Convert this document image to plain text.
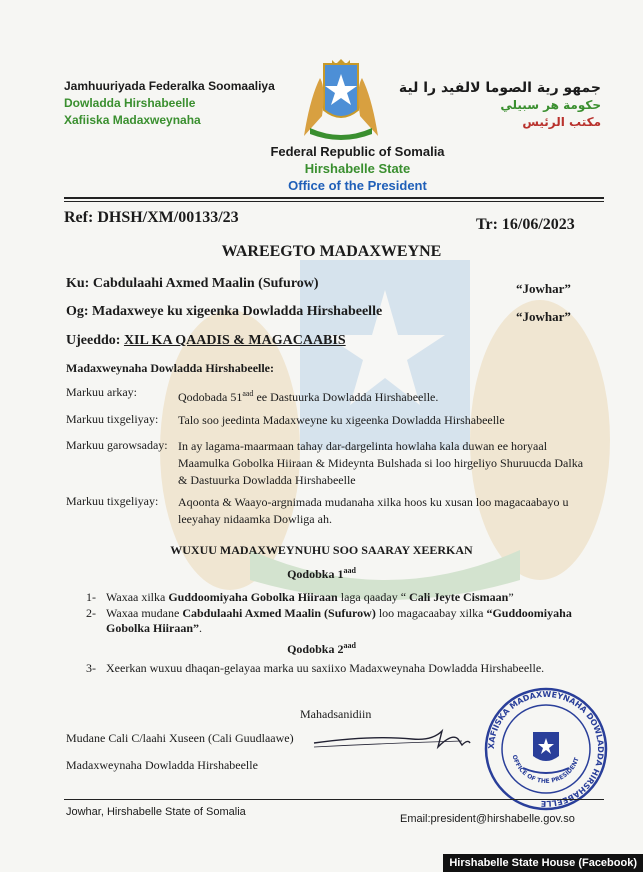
Jamhuuriyada Federalka Soomaaliya
Dowladda Hirshabeelle
Xafiiska Madaxweynaha
جمهو رية الصوما لالفيد را لية
حكومة هر سبيلي
مكتب الرئيس
Federal Republic of Somalia
Hirshabelle State
Office of the President
Ref: DHSH/XM/00133/23	Tr: 16/06/2023
WAREEGTO MADAXWEYNE
Ku: Cabdulaahi Axmed Maalin (Sufurow)	“Jowhar”
Og: Madaxweye ku xigeenka Dowladda Hirshabeelle	“Jowhar”
Ujeeddo: XIL KA QAADIS & MAGACAABIS
Madaxweynaha Dowladda Hirshabeelle:
Markuu arkay:	Qodobada $51^{aad}$ ee Dastuurka Dowladda Hirshabeelle.
Markuu tixgeliyay: Talo soo jeedinta Madaxweyne ku xigeenka Dowladda Hirshabeelle
Markuu garowsaday: In ay lagama-maarmaan tahay dar-dargelinta howlaha kala duwan ee horyaal Maamulka Gobolka Hiiraan & Mideynta Bulshada si loo hirgeliyo Shuruucda Dalka & Dastuurka Dowladda Hirshabeelle
Markuu tixgeliyay: Aqoonta & Waayo-argnimada mudanaha xilka hoos ku xusan loo magacaabayo u leeyahay nidaamka Dowliga ah.
WUXUU MADAXWEYNUHU SOO SAARAY XEERKAN
Qodobka $1^{aad}$
1- Waxaa xilka Guddoomiyaha Gobolka Hiiraan laga qaaday “ Cali Jeyte Cismaan”
2- Waxaa mudane Cabdulaahi Axmed Maalin (Sufurow) loo magacaabay xilka “Guddoomiyaha Gobolka Hiiraan”.
Qodobka $2^{aad}$
3- Xeerkan wuxuu dhaqan-gelayaa marka uu saxiixo Madaxweynaha Dowladda Hirshabeelle.
Mahadsanidiin
Mudane Cali C/laahi Xuseen (Cali Guudlaawe)
Madaxweynaha Dowladda Hirshabeelle
XAFIISKA MADAXWEYNAHA DOWLADDA HIRSHABEELLE
OFFICE OF THE PRESIDENT
Jowhar, Hirshabelle State of Somalia
Email:president@hirshabelle.gov.so
Hirshabelle State House (Facebook)
